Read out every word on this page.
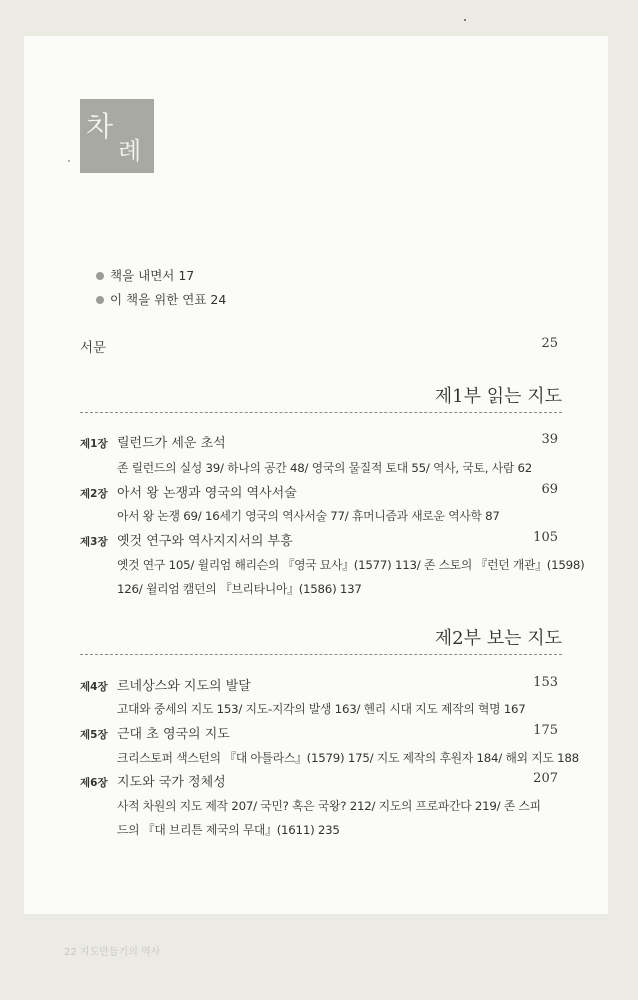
차
례
책을 내면서 17
이 책을 위한 연표 24
서문	25
제1부 읽는 지도
제1장 릴런드가 세운 초석	39
존 릴런드의 실성 39/ 하나의 공간 48/ 영국의 물질적 토대 55/ 역사, 국토, 사람 62
제2장 아서 왕 논쟁과 영국의 역사서술	69
아서 왕 논쟁 69/ 16세기 영국의 역사서술 77/ 휴머니즘과 새로운 역사학 87
제3장 옛것 연구와 역사지지서의 부흥	105
옛것 연구 105/ 윌리엄 해리슨의 『영국 묘사』(1577) 113/ 존 스토의 『런던 개관』(1598)
126/ 윌리엄 캠던의 『브리타니아』(1586) 137
제2부 보는 지도
제4장 르네상스와 지도의 발달	153
고대와 중세의 지도 153/ 지도-지각의 발생 163/ 헨리 시대 지도 제작의 혁명 167
제5장 근대 초 영국의 지도	175
크리스토퍼 색스턴의 『대 아틀라스』(1579) 175/ 지도 제작의 후원자 184/ 해외 지도 188
제6장 지도와 국가 정체성	207
사적 차원의 지도 제작 207/ 국민? 혹은 국왕? 212/ 지도의 프로파간다 219/ 존 스피
드의 『대 브리튼 제국의 무대』(1611) 235
22 지도만들기의 역사
